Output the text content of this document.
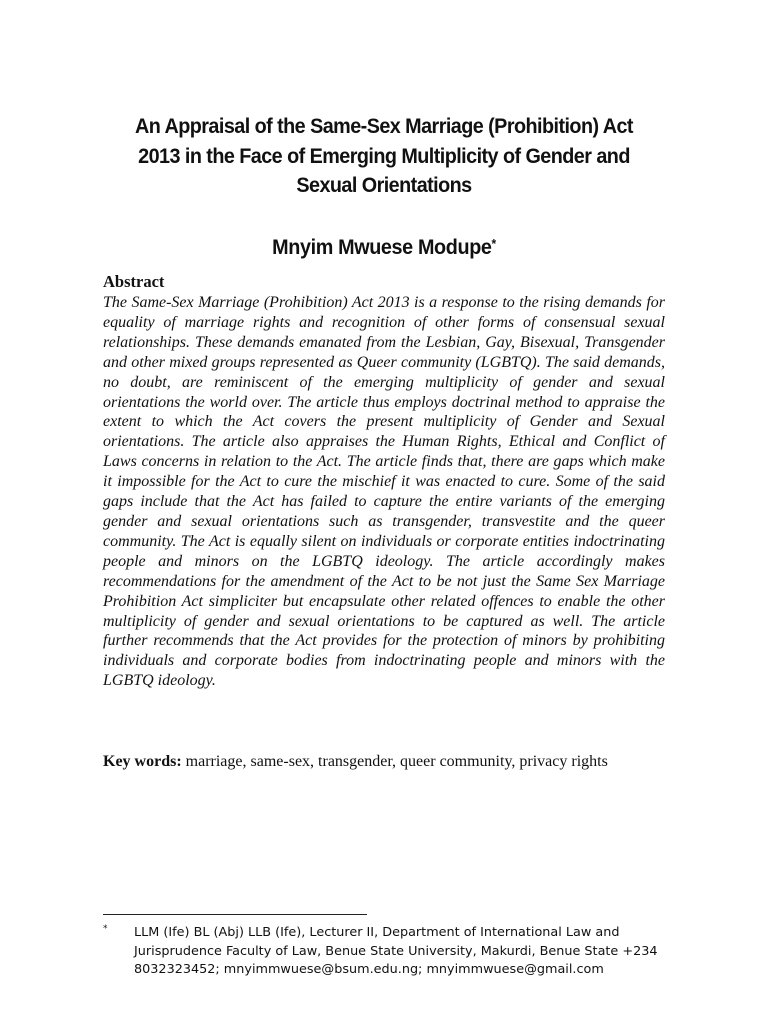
An Appraisal of the Same-Sex Marriage (Prohibition) Act 2013 in the Face of Emerging Multiplicity of Gender and Sexual Orientations
Mnyim Mwuese Modupe*
Abstract

The Same-Sex Marriage (Prohibition) Act 2013 is a response to the rising demands for equality of marriage rights and recognition of other forms of consensual sexual relationships. These demands emanated from the Lesbian, Gay, Bisexual, Transgender and other mixed groups represented as Queer community (LGBTQ). The said demands, no doubt, are reminiscent of the emerging multiplicity of gender and sexual orientations the world over. The article thus employs doctrinal method to appraise the extent to which the Act covers the present multiplicity of Gender and Sexual orientations. The article also appraises the Human Rights, Ethical and Conflict of Laws concerns in relation to the Act. The article finds that, there are gaps which make it impossible for the Act to cure the mischief it was enacted to cure. Some of the said gaps include that the Act has failed to capture the entire variants of the emerging gender and sexual orientations such as transgender, transvestite and the queer community. The Act is equally silent on individuals or corporate entities indoctrinating people and minors on the LGBTQ ideology. The article accordingly makes recommendations for the amendment of the Act to be not just the Same Sex Marriage Prohibition Act simpliciter but encapsulate other related offences to enable the other multiplicity of gender and sexual orientations to be captured as well. The article further recommends that the Act provides for the protection of minors by prohibiting individuals and corporate bodies from indoctrinating people and minors with the LGBTQ ideology.

Key words: marriage, same-sex, transgender, queer community, privacy rights

* LLM (Ife) BL (Abj) LLB (Ife), Lecturer II, Department of International Law and Jurisprudence Faculty of Law, Benue State University, Makurdi, Benue State +234 8032323452; mnyimmwuese@bsum.edu.ng; mnyimmwuese@gmail.com
